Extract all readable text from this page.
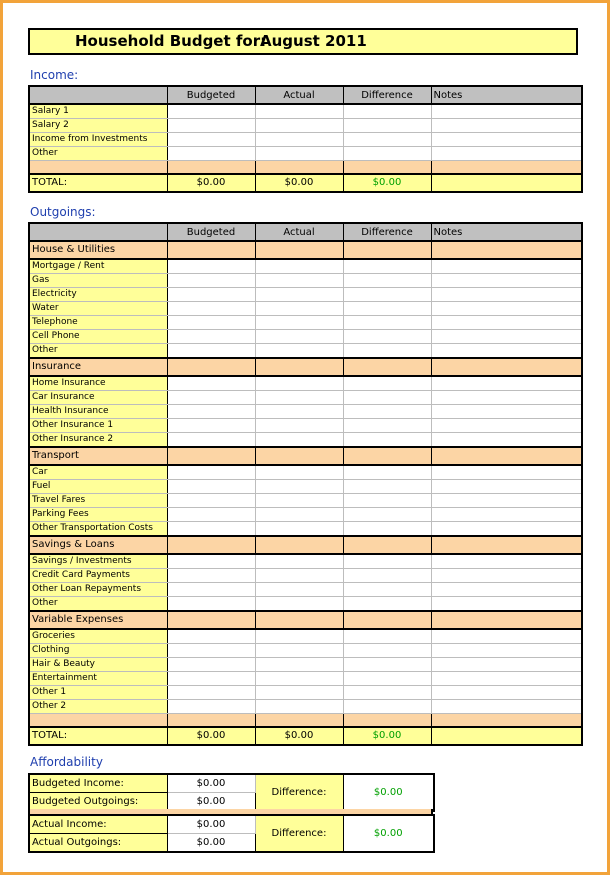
Household Budget for:
August 2011
Income:
	Budgeted	Actual	Difference	Notes
Salary 1				
Salary 2				
Income from Investments				
Other				

TOTAL:	$0.00	$0.00	$0.00	
Outgoings:
	Budgeted	Actual	Difference	Notes
House & Utilities				
Mortgage / Rent				
Gas				
Electricity				
Water				
Telephone				
Cell Phone				
Other				
Insurance				
Home Insurance				
Car Insurance				
Health Insurance				
Other Insurance 1				
Other Insurance 2				
Transport				
Car				
Fuel				
Travel Fares				
Parking Fees				
Other Transportation Costs				
Savings & Loans				
Savings / Investments				
Credit Card Payments				
Other Loan Repayments				
Other				
Variable Expenses				
Groceries				
Clothing				
Hair & Beauty				
Entertainment				
Other 1				
Other 2				

TOTAL:	$0.00	$0.00	$0.00	
Affordability
Budgeted Income:	$0.00	Difference:	$0.00
Budgeted Outgoings:	$0.00		
Actual Income:	$0.00	Difference:	$0.00
Actual Outgoings:	$0.00		
